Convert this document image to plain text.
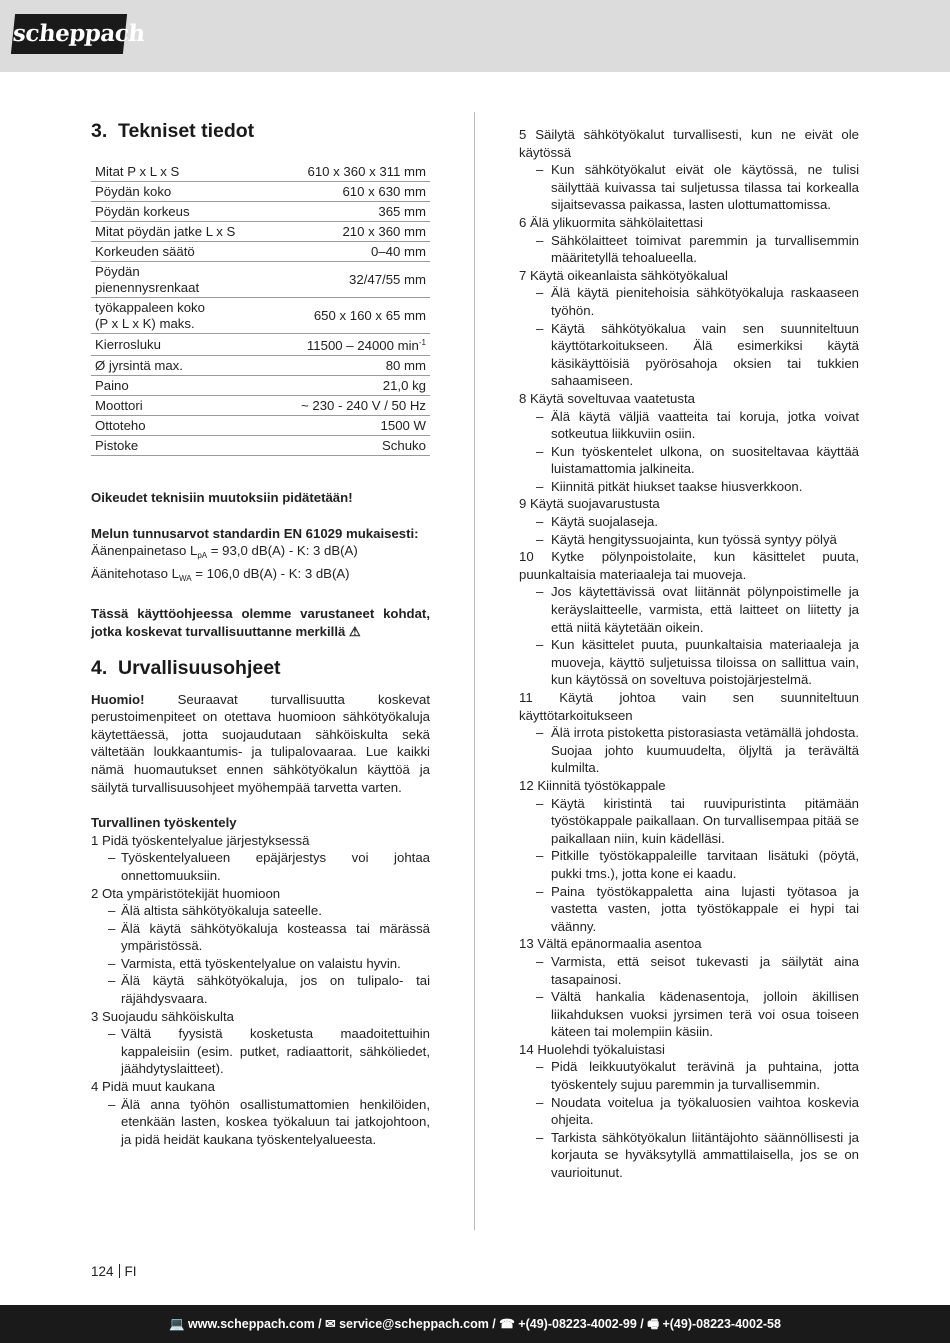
scheppach
3. Tekniset tiedot
Mitat P x L x S	610 x 360 x 311 mm
Pöydän koko	610 x 630 mm
Pöydän korkeus	365 mm
Mitat pöydän jatke L x S	210 x 360 mm
Korkeuden säätö	0–40 mm
Pöydän
pienennysrenkaat	32/47/55 mm
työkappaleen koko
(P x L x K) maks.	650 x 160 x 65 mm
Kierrosluku	11500 – 24000 $\min^{-1}$
Ø jyrsintä max.	80 mm
Paino	21,0 kg
Moottori	~ 230 - 240 V / 50 Hz
Ottoteho	1500 W
Pistoke	Schuko

Oikeudet teknisiin muutoksiin pidätetään!

Melun tunnusarvot standardin EN 61029 mukaisesti:

Äänenpainetaso $L_{pA} = 93,0$ dB(A) - K: 3 dB(A)

Äänitehotaso $L_{WA} = 106,0$ dB(A) - K: 3 dB(A)

Tässä käyttöohjeessa olemme varustaneet kohdat, jotka koskevat turvallisuuttanne merkillä ⚠

4. Urvallisuusohjeet

Huomio! Seuraavat turvallisuutta koskevat perustoimenpiteet on otettava huomioon sähkötyökaluja käytettäessä, jotta suojaudutaan sähköiskulta sekä vältetään loukkaantumis- ja tulipalovaaraa. Lue kaikki nämä huomautukset ennen sähkötyökalun käyttöä ja säilytä turvallisuusohjeet myöhempää tarvetta varten.

Turvallinen työskentely

1 Pidä työskentelyalue järjestyksessä
– Työskentelyalueen epäjärjestys voi johtaa onnettomuuksiin.
2 Ota ympäristötekijät huomioon
– Älä altista sähkötyökaluja sateelle.
– Älä käytä sähkötyökaluja kosteassa tai märässä ympäristössä.
– Varmista, että työskentelyalue on valaistu hyvin.
– Älä käytä sähkötyökaluja, jos on tulipalo- tai räjähdysvaara.
3 Suojaudu sähköiskulta
– Vältä fyysistä kosketusta maadoitettuihin kappaleisiin (esim. putket, radiaattorit, sähköliedet, jäähdytyslaitteet).
4 Pidä muut kaukana
– Älä anna työhön osallistumattomien henkilöiden, etenkään lasten, koskea työkaluun tai jatkojohtoon, ja pidä heidät kaukana työskentelyalueesta.
5 Säilytä sähkötyökalut turvallisesti, kun ne eivät ole käytössä
– Kun sähkötyökalut eivät ole käytössä, ne tulisi säilyttää kuivassa tai suljetussa tilassa tai korkealla sijaitsevassa paikassa, lasten ulottumattomissa.
6 Älä ylikuormita sähkölaitettasi
– Sähkölaitteet toimivat paremmin ja turvallisemmin määritetyllä tehoalueella.
7 Käytä oikeanlaista sähkötyökalual
– Älä käytä pienitehoisia sähkötyökaluja raskaaseen työhön.
– Käytä sähkötyökalua vain sen suunniteltuun käyttötarkoitukseen. Älä esimerkiksi käytä käsikäyttöisiä pyörösahoja oksien tai tukkien sahaamiseen.
8 Käytä soveltuvaa vaatetusta
– Älä käytä väljiä vaatteita tai koruja, jotka voivat sotkeutua liikkuviin osiin.
– Kun työskentelet ulkona, on suositeltavaa käyttää luistamattomia jalkineita.
– Kiinnitä pitkät hiukset taakse hiusverkkoon.
9 Käytä suojavarustusta
– Käytä suojalaseja.
– Käytä hengityssuojainta, kun työssä syntyy pölyä
10 Kytke pölynpoistolaite, kun käsittelet puuta, puunkaltaisia materiaaleja tai muoveja.
– Jos käytettävissä ovat liitännät pölynpoistimelle ja keräyslaitteelle, varmista, että laitteet on liitetty ja että niitä käytetään oikein.
– Kun käsittelet puuta, puunkaltaisia materiaaleja ja muoveja, käyttö suljetuissa tiloissa on sallittua vain, kun käytössä on soveltuva poistojärjestelmä.
11 Käytä johtoa vain sen suunniteltuun käyttötarkoitukseen
– Älä irrota pistoketta pistorasiasta vetämällä johdosta. Suojaa johto kuumuudelta, öljyltä ja terävältä kulmilta.
12 Kiinnitä työstökappale
– Käytä kiristintä tai ruuvipuristinta pitämään työstökappale paikallaan. On turvallisempaa pitää se paikallaan niin, kuin kädelläsi.
– Pitkille työstökappaleille tarvitaan lisätuki (pöytä, pukki tms.), jotta kone ei kaadu.
– Paina työstökappaletta aina lujasti työtasoa ja vastetta vasten, jotta työstökappale ei hypi tai väänny.
13 Vältä epänormaalia asentoa
– Varmista, että seisot tukevasti ja säilytät aina tasapainosi.
– Vältä hankalia kädenasentoja, jolloin äkillisen liikahduksen vuoksi jyrsimen terä voi osua toiseen käteen tai molempiin käsiin.
14 Huolehdi työkaluistasi
– Pidä leikkuutyökalut terävinä ja puhtaina, jotta työskentely sujuu paremmin ja turvallisemmin.
– Noudata voitelua ja työkaluosien vaihtoa koskevia ohjeita.
– Tarkista sähkötyökalun liitäntäjohto säännöllisesti ja korjauta se hyväksytyllä ammattilaisella, jos se on vaurioitunut.
124 FI
💻 www.scheppach.com / ✉ service@scheppach.com / ☎ +(49)-08223-4002-99 / 🖷 +(49)-08223-4002-58
